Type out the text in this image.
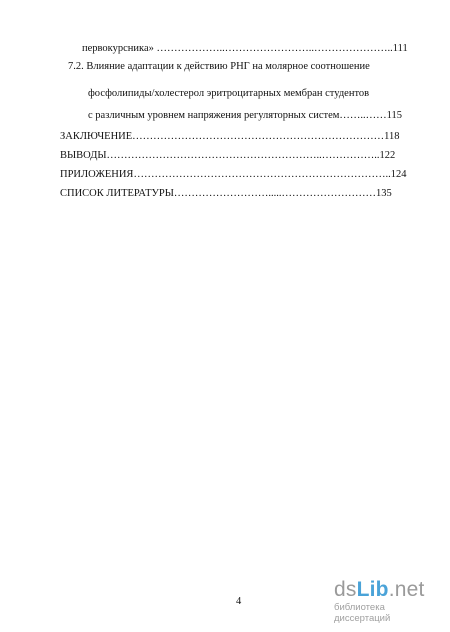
первокурсника» ………………..……………………..…………………..111

7.2. Влияние адаптации к действию РНГ на молярное соотношение

фосфолипиды/холестерол эритроцитарных мембран студентов

с различным уровнем напряжения регуляторных систем……..……115

ЗАКЛЮЧЕНИЕ………………………………………………………………118

ВЫВОДЫ……………………………………………………..……………..122

ПРИЛОЖЕНИЯ………………………………………………………………..124

СПИСОК ЛИТЕРАТУРЫ……………………….....………………………135

4

dsLib.net
библиотека диссертаций
